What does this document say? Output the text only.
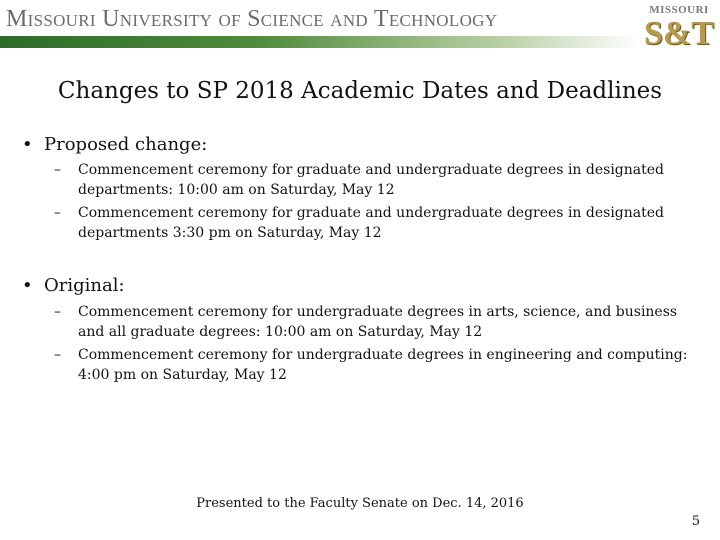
Missouri University of Science and Technology	MISSOURI
S&T
Changes to SP 2018 Academic Dates and Deadlines
• Proposed change:
– Commencement ceremony for graduate and undergraduate degrees in designated departments: 10:00 am on Saturday, May 12
– Commencement ceremony for graduate and undergraduate degrees in designated departments 3:30 pm on Saturday, May 12
• Original:
– Commencement ceremony for undergraduate degrees in arts, science, and business and all graduate degrees: 10:00 am on Saturday, May 12
– Commencement ceremony for undergraduate degrees in engineering and computing: 4:00 pm on Saturday, May 12
Presented to the Faculty Senate on Dec. 14, 2016
5
